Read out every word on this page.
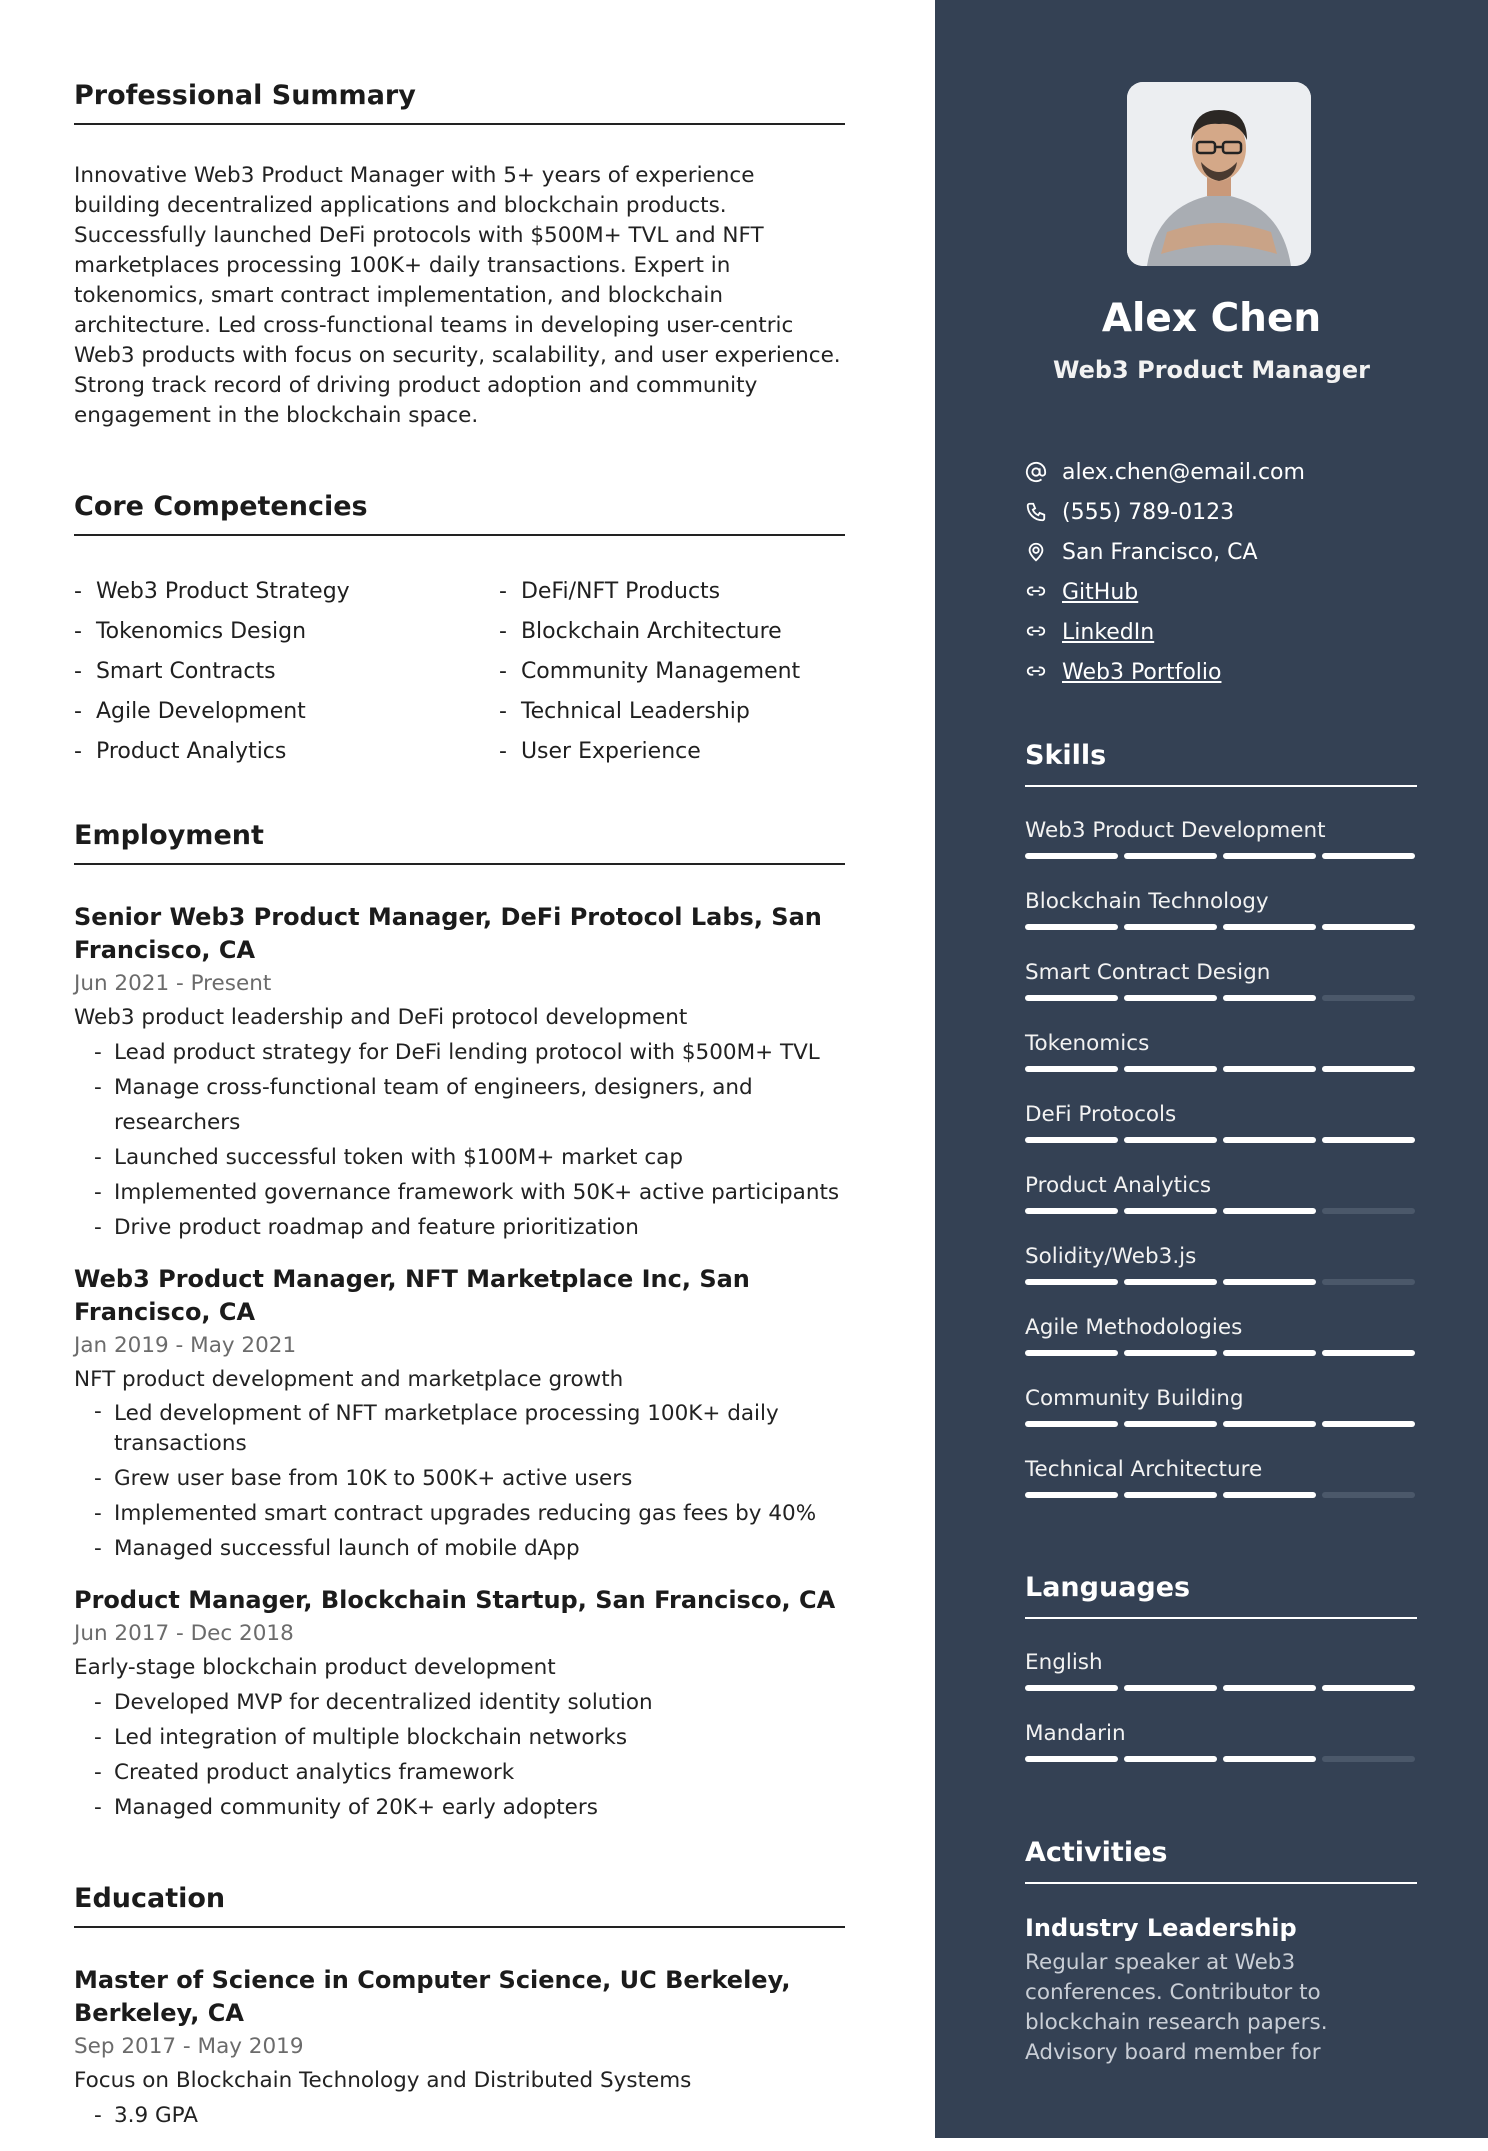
Professional Summary

Innovative Web3 Product Manager with 5+ years of experience building decentralized applications and blockchain products. Successfully launched DeFi protocols with $500M+ TVL and NFT marketplaces processing 100K+ daily transactions. Expert in tokenomics, smart contract implementation, and blockchain architecture. Led cross-functional teams in developing user-centric Web3 products with focus on security, scalability, and user experience. Strong track record of driving product adoption and community engagement in the blockchain space.

Core Competencies
- Web3 Product Strategy	- DeFi/NFT Products
- Tokenomics Design	- Blockchain Architecture
- Smart Contracts	- Community Management
- Agile Development	- Technical Leadership
- Product Analytics	- User Experience
Employment
Senior Web3 Product Manager, DeFi Protocol Labs, San Francisco, CA
Jun 2021 - Present
Web3 product leadership and DeFi protocol development
- Lead product strategy for DeFi lending protocol with $500M+ TVL
- Manage cross-functional team of engineers, designers, and researchers
- Launched successful token with $100M+ market cap
- Implemented governance framework with 50K+ active participants
- Drive product roadmap and feature prioritization
Web3 Product Manager, NFT Marketplace Inc, San Francisco, CA
Jan 2019 - May 2021
NFT product development and marketplace growth
- Led development of NFT marketplace processing 100K+ daily transactions
- Grew user base from 10K to 500K+ active users
- Implemented smart contract upgrades reducing gas fees by 40%
- Managed successful launch of mobile dApp
Product Manager, Blockchain Startup, San Francisco, CA
Jun 2017 - Dec 2018
Early-stage blockchain product development
- Developed MVP for decentralized identity solution
- Led integration of multiple blockchain networks
- Created product analytics framework
- Managed community of 20K+ early adopters
Education
Master of Science in Computer Science, UC Berkeley, Berkeley, CA
Sep 2017 - May 2019
Focus on Blockchain Technology and Distributed Systems
- 3.9 GPA
Alex Chen
Web3 Product Manager
alex.chen@email.com
(555) 789-0123
San Francisco, CA
GitHub
LinkedIn
Web3 Portfolio
Skills
Web3 Product Development
Blockchain Technology
Smart Contract Design
Tokenomics
DeFi Protocols
Product Analytics
Solidity/Web3.js
Agile Methodologies
Community Building
Technical Architecture
Languages
English
Mandarin
Activities
Industry Leadership
Regular speaker at Web3 conferences. Contributor to blockchain research papers. Advisory board member for
